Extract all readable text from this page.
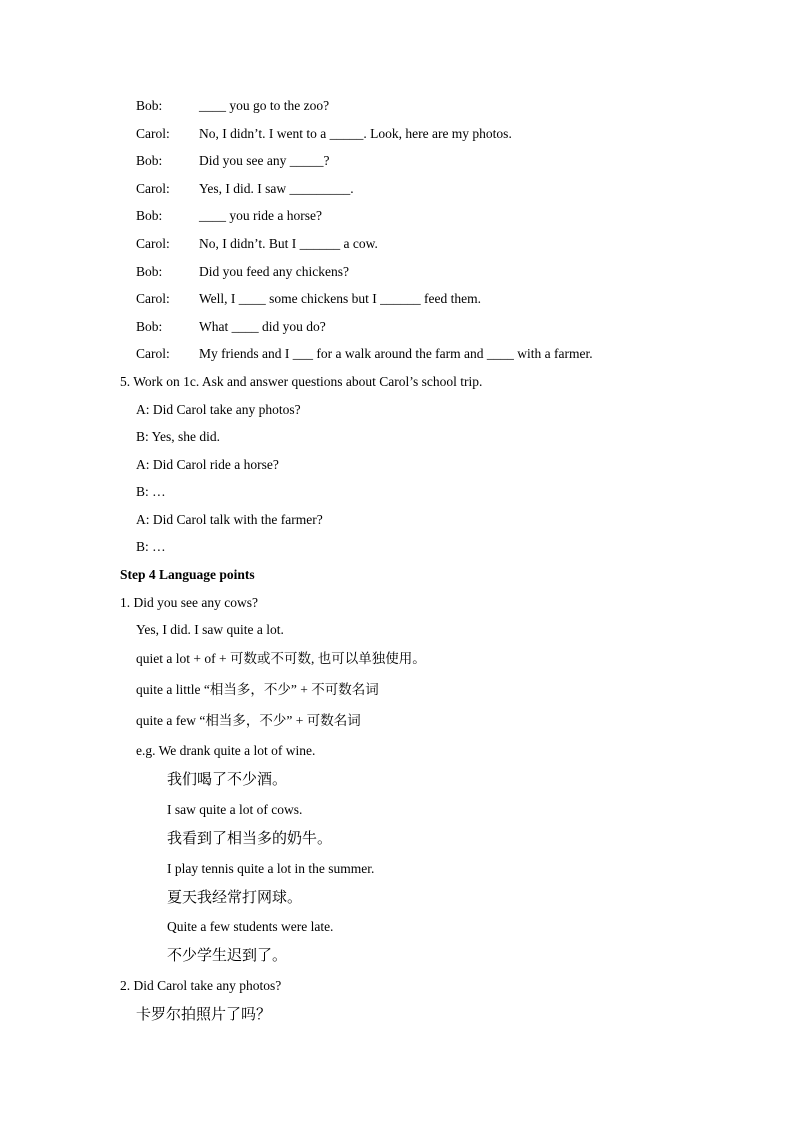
Bob:	____ you go to the zoo?
Carol:	No, I didn’t. I went to a _____. Look, here are my photos.
Bob:	Did you see any _____?
Carol:	Yes, I did. I saw _________.
Bob:	____ you ride a horse?
Carol:	No, I didn’t. But I ______ a cow.
Bob:	Did you feed any chickens?
Carol:	Well, I ____ some chickens but I ______ feed them.
Bob:	What ____ did you do?
Carol:	My friends and I ___ for a walk around the farm and ____ with a farmer.
5. Work on 1c. Ask and answer questions about Carol’s school trip.
A: Did Carol take any photos?
B: Yes, she did.
A: Did Carol ride a horse?
B: …
A: Did Carol talk with the farmer?
B: …
Step 4 Language points
1. Did you see any cows?
Yes, I did. I saw quite a lot.
quiet a lot + of + 可数或不可数, 也可以单独使用。
quite a little “相当多，不少” + 不可数名词
quite a few “相当多，不少” + 可数名词
e.g. We drank quite a lot of wine.
我们喝了不少酒。
I saw quite a lot of cows.
我看到了相当多的奶牛。
I play tennis quite a lot in the summer.
夏天我经常打网球。
Quite a few students were late.
不少学生迟到了。
2. Did Carol take any photos?
卡罗尔拍照片了吗？
